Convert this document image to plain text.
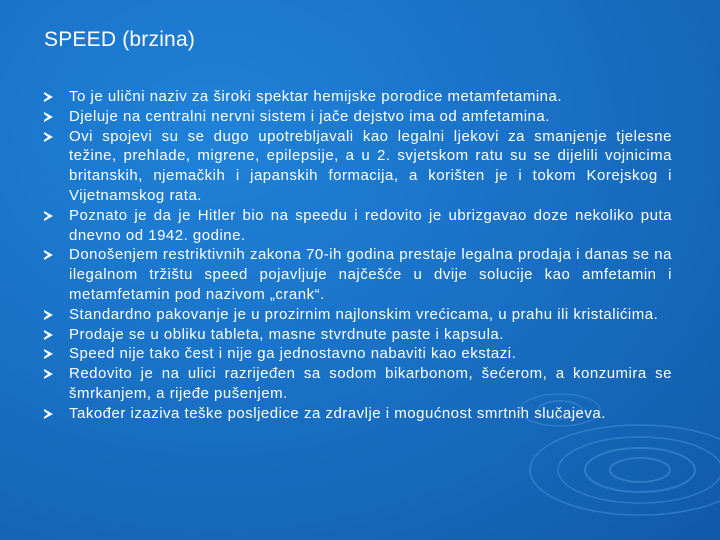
SPEED (brzina)
To je ulični naziv za široki spektar hemijske porodice metamfetamina.
Djeluje na centralni nervni sistem i jače dejstvo ima od amfetamina.
Ovi spojevi su se dugo upotrebljavali kao legalni ljekovi za smanjenje tjelesne težine, prehlade, migrene, epilepsije, a u 2. svjetskom ratu su se dijelili vojnicima britanskih, njemačkih i japanskih formacija, a korišten je i tokom Korejskog i Vijetnamskog rata.
Poznato je da je Hitler bio na speedu i redovito je ubrizgavao doze nekoliko puta dnevno od 1942. godine.
Donošenjem restriktivnih zakona 70-ih godina prestaje legalna prodaja i danas se na ilegalnom tržištu speed pojavljuje najčešće u dvije solucije kao amfetamin i metamfetamin pod nazivom „crank“.
Standardno pakovanje je u prozirnim najlonskim vrećicama, u prahu ili kristalićima.
Prodaje se u obliku tableta, masne stvrdnute paste i kapsula.
Speed nije tako čest i nije ga jednostavno nabaviti kao ekstazi.
Redovito je na ulici razrijeđen sa sodom bikarbonom, šećerom, a konzumira se šmrkanjem, a rijeđe pušenjem.
Također izaziva teške posljedice za zdravlje i mogućnost smrtnih slučajeva.
